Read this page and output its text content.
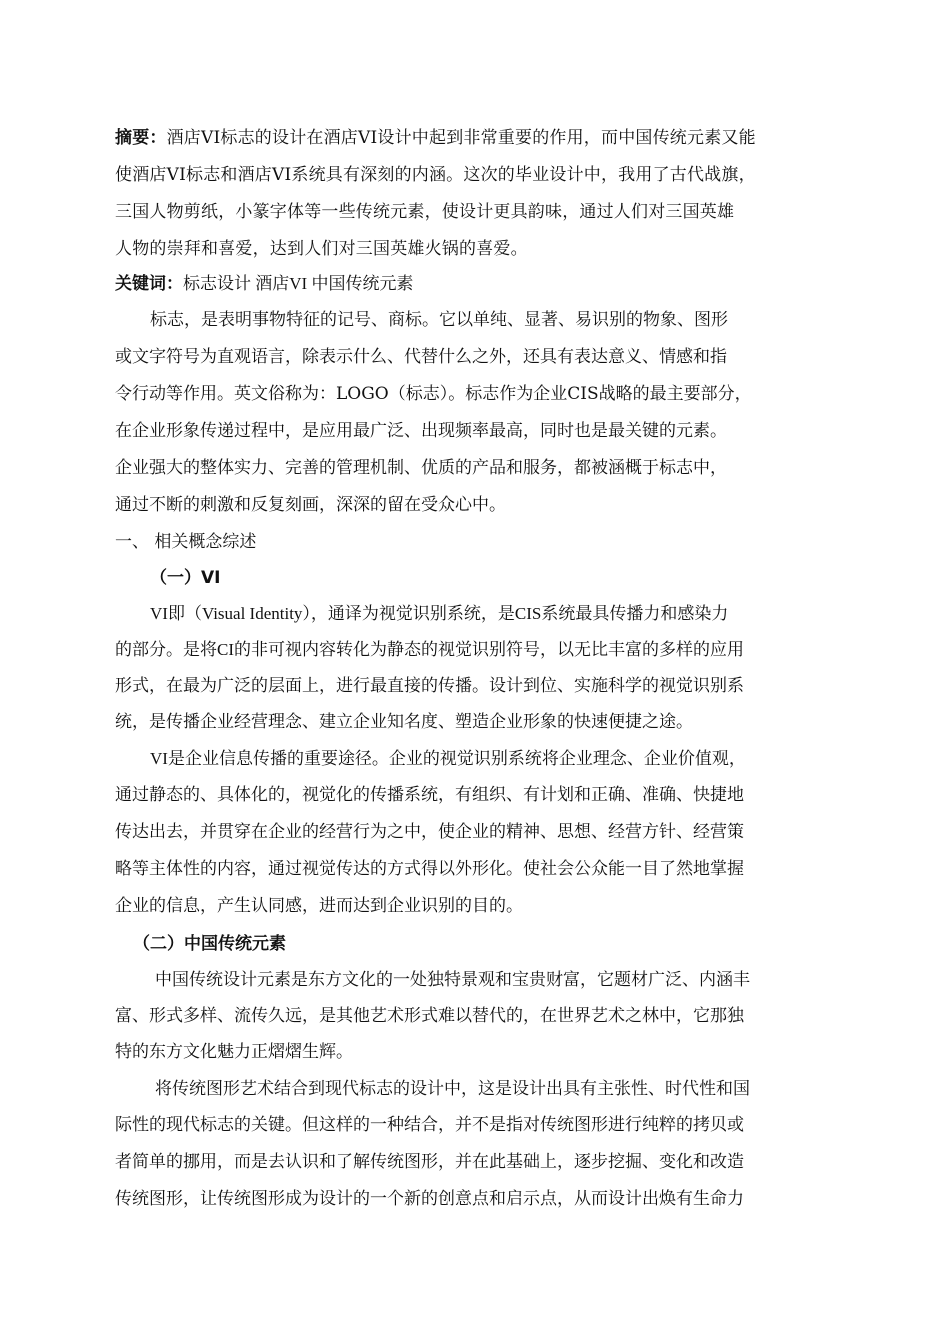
摘要：酒店VI标志的设计在酒店VI设计中起到非常重要的作用，而中国传统元素又能
使酒店VI标志和酒店VI系统具有深刻的内涵。这次的毕业设计中，我用了古代战旗，
三国人物剪纸，小篆字体等一些传统元素，使设计更具韵味，通过人们对三国英雄
人物的崇拜和喜爱，达到人们对三国英雄火锅的喜爱。
关键词：标志设计 酒店VI 中国传统元素
标志，是表明事物特征的记号、商标。它以单纯、显著、易识别的物象、图形
或文字符号为直观语言，除表示什么、代替什么之外，还具有表达意义、情感和指
令行动等作用。英文俗称为：LOGO（标志）。标志作为企业CIS战略的最主要部分，
在企业形象传递过程中，是应用最广泛、出现频率最高，同时也是最关键的元素。
企业强大的整体实力、完善的管理机制、优质的产品和服务，都被涵概于标志中，
通过不断的刺激和反复刻画，深深的留在受众心中。
一、 相关概念综述
（一）VI
VI即（Visual Identity），通译为视觉识别系统，是CIS系统最具传播力和感染力
的部分。是将CI的非可视内容转化为静态的视觉识别符号，以无比丰富的多样的应用
形式，在最为广泛的层面上，进行最直接的传播。设计到位、实施科学的视觉识别系
统，是传播企业经营理念、建立企业知名度、塑造企业形象的快速便捷之途。
VI是企业信息传播的重要途径。企业的视觉识别系统将企业理念、企业价值观，
通过静态的、具体化的，视觉化的传播系统，有组织、有计划和正确、准确、快捷地
传达出去，并贯穿在企业的经营行为之中，使企业的精神、思想、经营方针、经营策
略等主体性的内容，通过视觉传达的方式得以外形化。使社会公众能一目了然地掌握
企业的信息，产生认同感，进而达到企业识别的目的。
（二）中国传统元素
中国传统设计元素是东方文化的一处独特景观和宝贵财富，它题材广泛、内涵丰
富、形式多样、流传久远，是其他艺术形式难以替代的，在世界艺术之林中，它那独
特的东方文化魅力正熠熠生辉。
将传统图形艺术结合到现代标志的设计中，这是设计出具有主张性、时代性和国
际性的现代标志的关键。但这样的一种结合，并不是指对传统图形进行纯粹的拷贝或
者简单的挪用，而是去认识和了解传统图形，并在此基础上，逐步挖掘、变化和改造
传统图形，让传统图形成为设计的一个新的创意点和启示点，从而设计出焕有生命力
